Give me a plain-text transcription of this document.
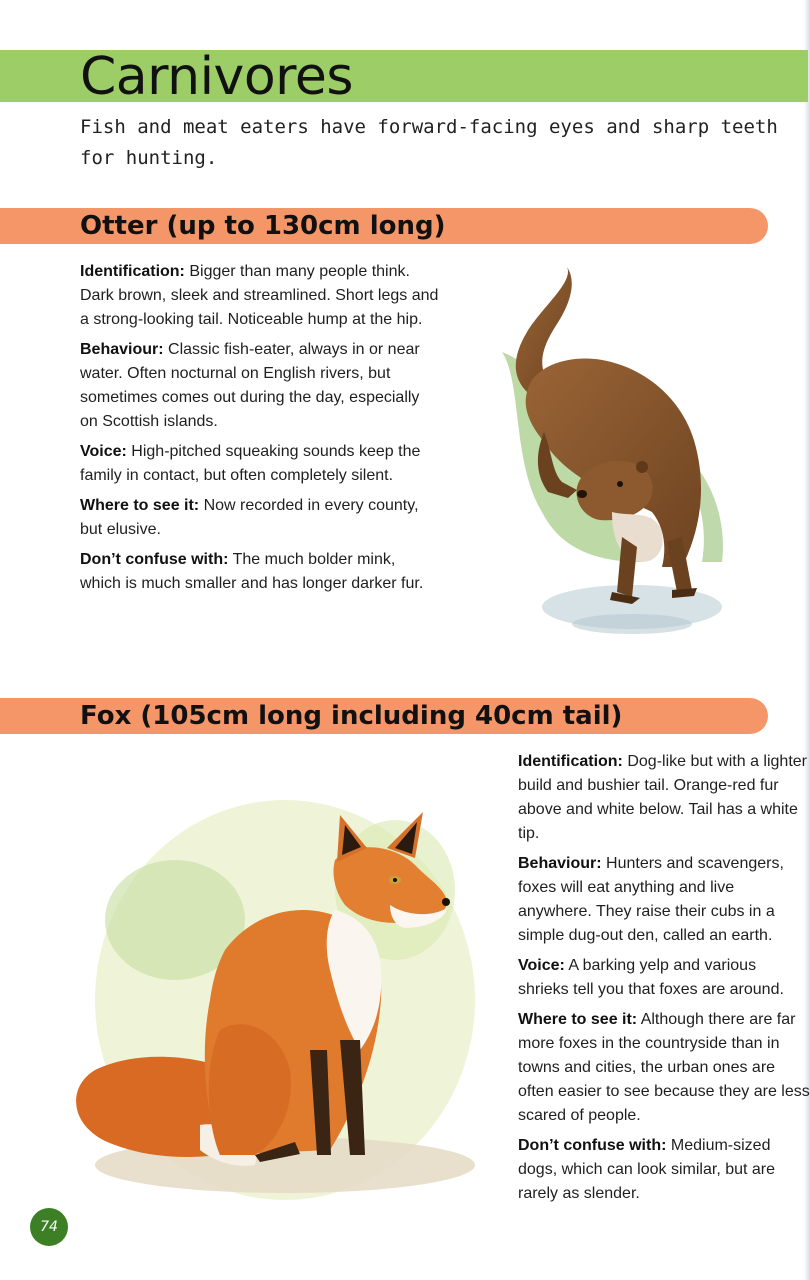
Carnivores

Fish and meat eaters have forward-facing eyes and sharp teeth for hunting.

Otter (up to 130cm long)

Identification: Bigger than many people think. Dark brown, sleek and streamlined. Short legs and a strong-looking tail. Noticeable hump at the hip.

Behaviour: Classic fish-eater, always in or near water. Often nocturnal on English rivers, but sometimes comes out during the day, especially on Scottish islands.

Voice: High-pitched squeaking sounds keep the family in contact, but often completely silent.

Where to see it: Now recorded in every county, but elusive.

Don’t confuse with: The much bolder mink, which is much smaller and has longer darker fur.

Fox (105cm long including 40cm tail)

Identification: Dog-like but with a lighter build and bushier tail. Orange-red fur above and white below. Tail has a white tip.

Behaviour: Hunters and scavengers, foxes will eat anything and live anywhere. They raise their cubs in a simple dug-out den, called an earth.

Voice: A barking yelp and various shrieks tell you that foxes are around.

Where to see it: Although there are far more foxes in the countryside than in towns and cities, the urban ones are often easier to see because they are less scared of people.

Don’t confuse with: Medium-sized dogs, which can look similar, but are rarely as slender.

74
